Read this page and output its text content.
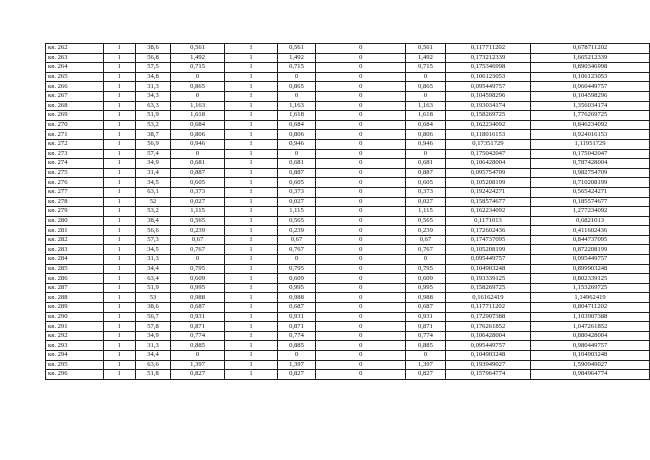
кв. 262	1	38,6	0,561	1	0,561	0	0,561	0,117711202	0,678711202
кв. 263	1	56,8	1,492	1	1,492	0	1,492	0,173212339	1,665212339
кв. 264	1	57,5	0,715	1	0,715	0	0,715	0,175346998	0,890346998
кв. 265	1	34,8	0	1	0	0	0	0,106123053	0,106123053
кв. 266	1	31,3	0,865	1	0,865	0	0,865	0,095449757	0,960449757
кв. 267	1	34,3	0	1	0	0	0	0,104598296	0,104598296
кв. 268	1	63,3	1,163	1	1,163	0	1,163	0,193034174	1,356034174
кв. 269	1	51,9	1,618	1	1,618	0	1,618	0,158269725	1,776269725
кв. 270	1	53,2	0,684	1	0,684	0	0,684	0,162234092	0,846234092
кв. 271	1	38,7	0,806	1	0,806	0	0,806	0,118016153	0,924016153
кв. 272	1	56,9	0,946	1	0,946	0	0,946	0,17351729	1,11951729
кв. 273	1	57,4	0	1	0	0	0	0,175042047	0,175042047
кв. 274	1	34,9	0,681	1	0,681	0	0,681	0,106428004	0,787428004
кв. 275	1	31,4	0,887	1	0,887	0	0,887	0,095754709	0,982754709
кв. 276	1	34,5	0,605	1	0,605	0	0,605	0,105208199	0,710208199
кв. 277	1	63,1	0,373	1	0,373	0	0,373	0,192424271	0,565424271
кв. 278	1	52	0,027	1	0,027	0	0,027	0,158574677	0,185574677
кв. 279	1	53,2	1,115	1	1,115	0	1,115	0,162234092	1,277234092
кв. 280	1	38,4	0,565	1	0,565	0	0,565	0,1171013	0,6821013
кв. 281	1	56,6	0,239	1	0,239	0	0,239	0,172602436	0,411602436
кв. 282	1	57,3	0,67	1	0,67	0	0,67	0,174737095	0,844737095
кв. 283	1	34,5	0,767	1	0,767	0	0,767	0,105208199	0,872208199
кв. 284	1	31,3	0	1	0	0	0	0,095449757	0,095449757
кв. 285	1	34,4	0,795	1	0,795	0	0,795	0,104903248	0,899903248
кв. 286	1	63,4	0,609	1	0,609	0	0,609	0,193339125	0,802339125
кв. 287	1	51,9	0,995	1	0,995	0	0,995	0,158269725	1,153269725
кв. 288	1	53	0,988	1	0,988	0	0,988	0,16162419	1,14962419
кв. 289	1	38,6	0,687	1	0,687	0	0,687	0,117711202	0,804711202
кв. 290	1	56,7	0,931	1	0,931	0	0,931	0,172907388	1,103907388
кв. 291	1	57,8	0,871	1	0,871	0	0,871	0,176261852	1,047261852
кв. 292	1	34,9	0,774	1	0,774	0	0,774	0,106428004	0,880428004
кв. 293	1	31,3	0,885	1	0,885	0	0,885	0,095449757	0,980449757
кв. 294	1	34,4	0	1	0	0	0	0,104903248	0,104903248
кв. 295	1	63,6	1,397	1	1,397	0	1,397	0,193949027	1,590949027
кв. 296	1	51,8	0,827	1	0,827	0	0,827	0,157964774	0,984964774
